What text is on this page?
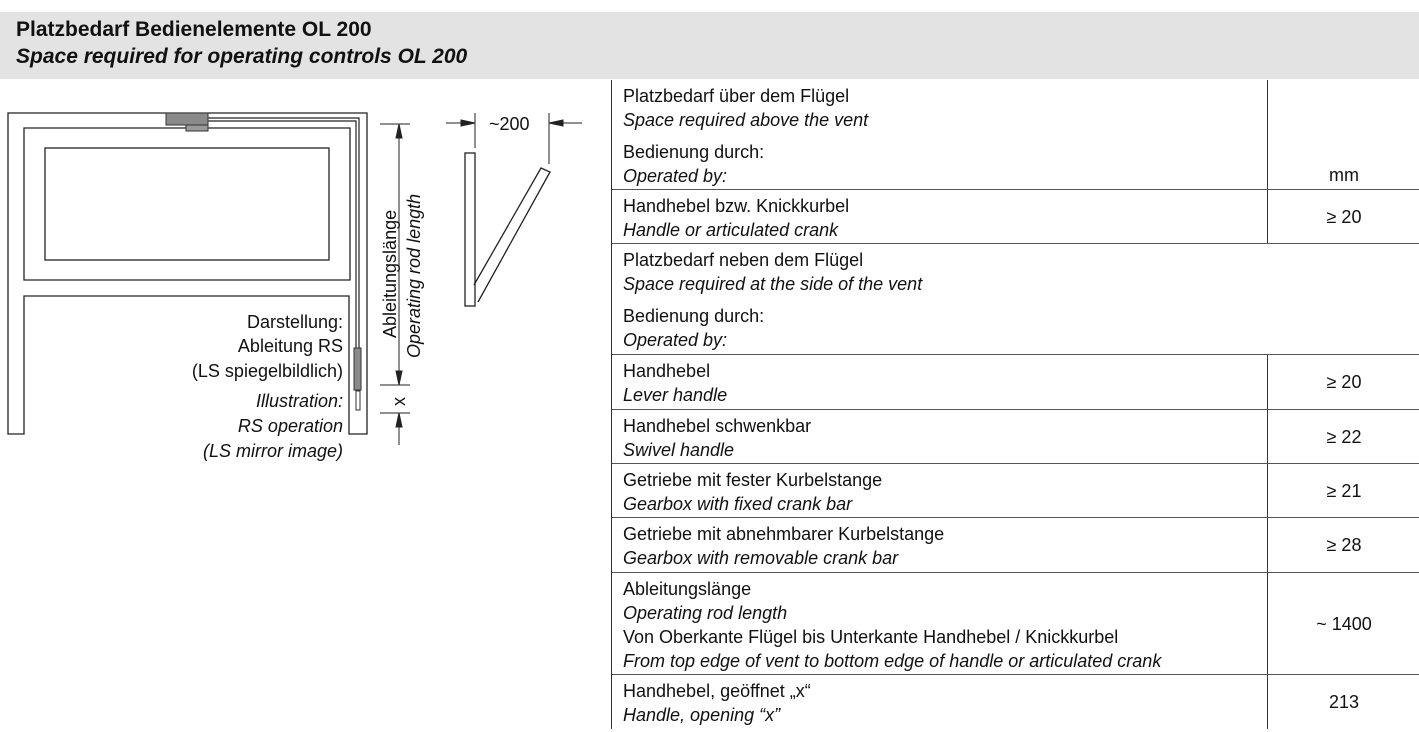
Platzbedarf Bedienelemente OL 200
Space required for operating controls OL 200
Ableitungslänge Operating rod length
x
Darstellung:
Ableitung RS
(LS spiegelbildlich)
Illustration:
RS operation
(LS mirror image)
~200
Platzbedarf über dem Flügel
Space required above the vent
Bedienung durch:
Operated by:	mm
Handhebel bzw. Knickkurbel
Handle or articulated crank
≥ 20
Platzbedarf neben dem Flügel
Space required at the side of the vent
Bedienung durch:
Operated by:
Handhebel
Lever handle
≥ 20
Handhebel schwenkbar
Swivel handle
≥ 22
Getriebe mit fester Kurbelstange
Gearbox with fixed crank bar
≥ 21
Getriebe mit abnehmbarer Kurbelstange
Gearbox with removable crank bar
≥ 28
Ableitungslänge
Operating rod length
Von Oberkante Flügel bis Unterkante Handhebel / Knickkurbel
From top edge of vent to bottom edge of handle or articulated crank
~ 1400
Handhebel, geöffnet „x“
Handle, opening “x”
213
